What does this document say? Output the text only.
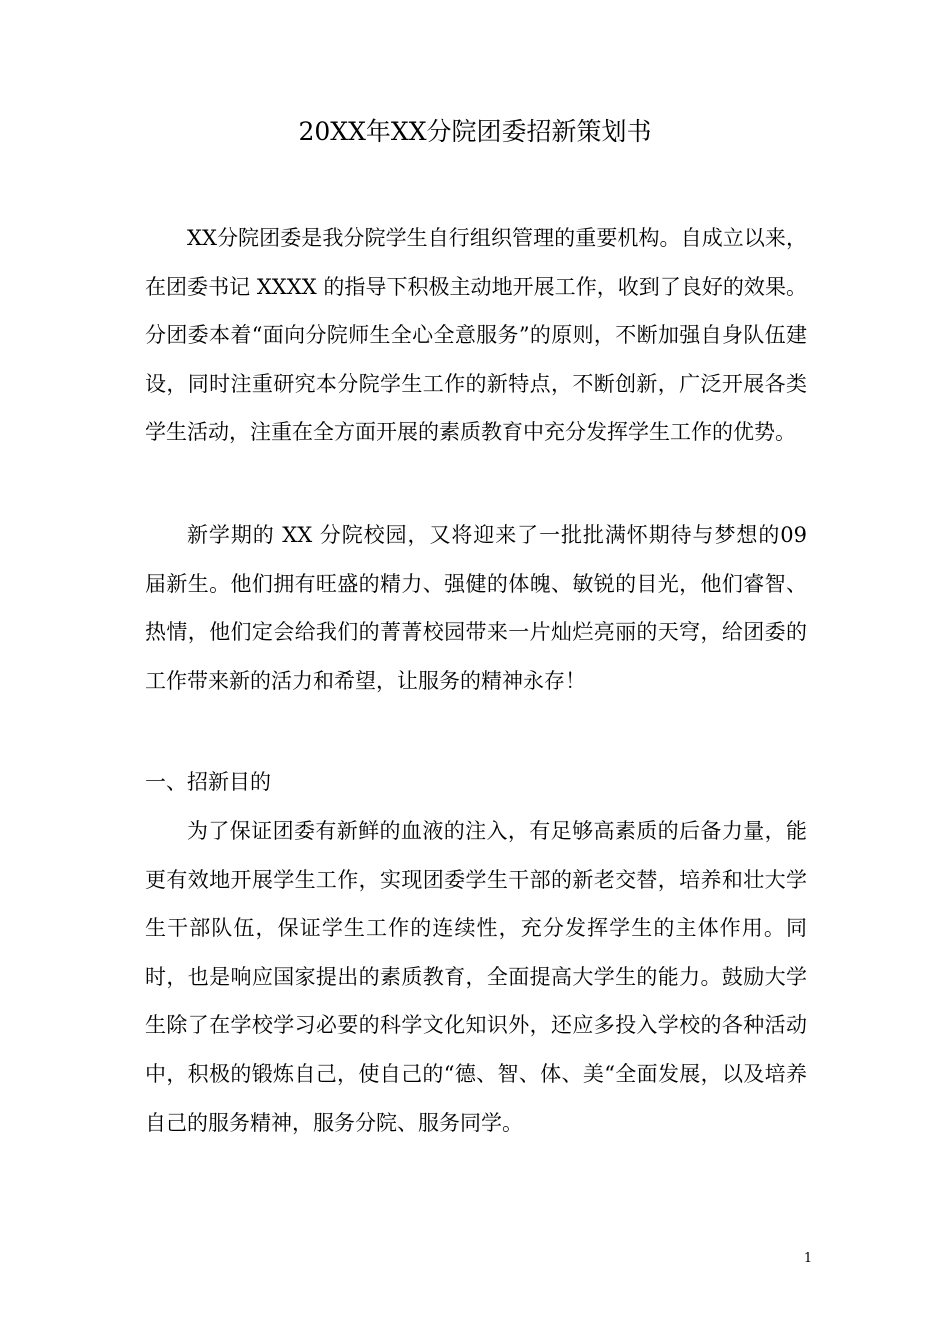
20XX年XX分院团委招新策划书

XX分院团委是我分院学生自行组织管理的重要机构。自成立以来，在团委书记 XXXX 的指导下积极主动地开展工作，收到了良好的效果。分团委本着“面向分院师生全心全意服务”的原则，不断加强自身队伍建设，同时注重研究本分院学生工作的新特点，不断创新，广泛开展各类学生活动，注重在全方面开展的素质教育中充分发挥学生工作的优势。

新学期的 XX 分院校园，又将迎来了一批批满怀期待与梦想的09 届新生。他们拥有旺盛的精力、强健的体魄、敏锐的目光，他们睿智、热情，他们定会给我们的菁菁校园带来一片灿烂亮丽的天穹，给团委的工作带来新的活力和希望，让服务的精神永存！

一、招新目的

为了保证团委有新鲜的血液的注入，有足够高素质的后备力量，能更有效地开展学生工作，实现团委学生干部的新老交替，培养和壮大学生干部队伍，保证学生工作的连续性，充分发挥学生的主体作用。同时，也是响应国家提出的素质教育，全面提高大学生的能力。鼓励大学生除了在学校学习必要的科学文化知识外，还应多投入学校的各种活动中，积极的锻炼自己，使自己的“德、智、体、美“全面发展，以及培养自己的服务精神，服务分院、服务同学。

1
